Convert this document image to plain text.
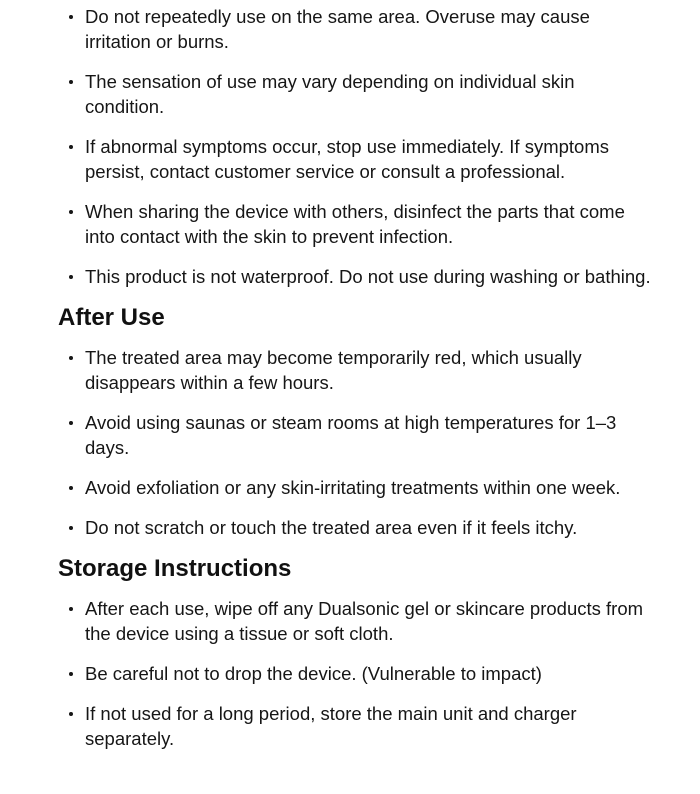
Do not repeatedly use on the same area. Overuse may cause irritation or burns.
The sensation of use may vary depending on individual skin condition.
If abnormal symptoms occur, stop use immediately. If symptoms persist, contact customer service or consult a professional.
When sharing the device with others, disinfect the parts that come into contact with the skin to prevent infection.
This product is not waterproof. Do not use during washing or bathing.
After Use
The treated area may become temporarily red, which usually disappears within a few hours.
Avoid using saunas or steam rooms at high temperatures for 1–3 days.
Avoid exfoliation or any skin-irritating treatments within one week.
Do not scratch or touch the treated area even if it feels itchy.
Storage Instructions
After each use, wipe off any Dualsonic gel or skincare products from the device using a tissue or soft cloth.
Be careful not to drop the device. (Vulnerable to impact)
If not used for a long period, store the main unit and charger separately.
